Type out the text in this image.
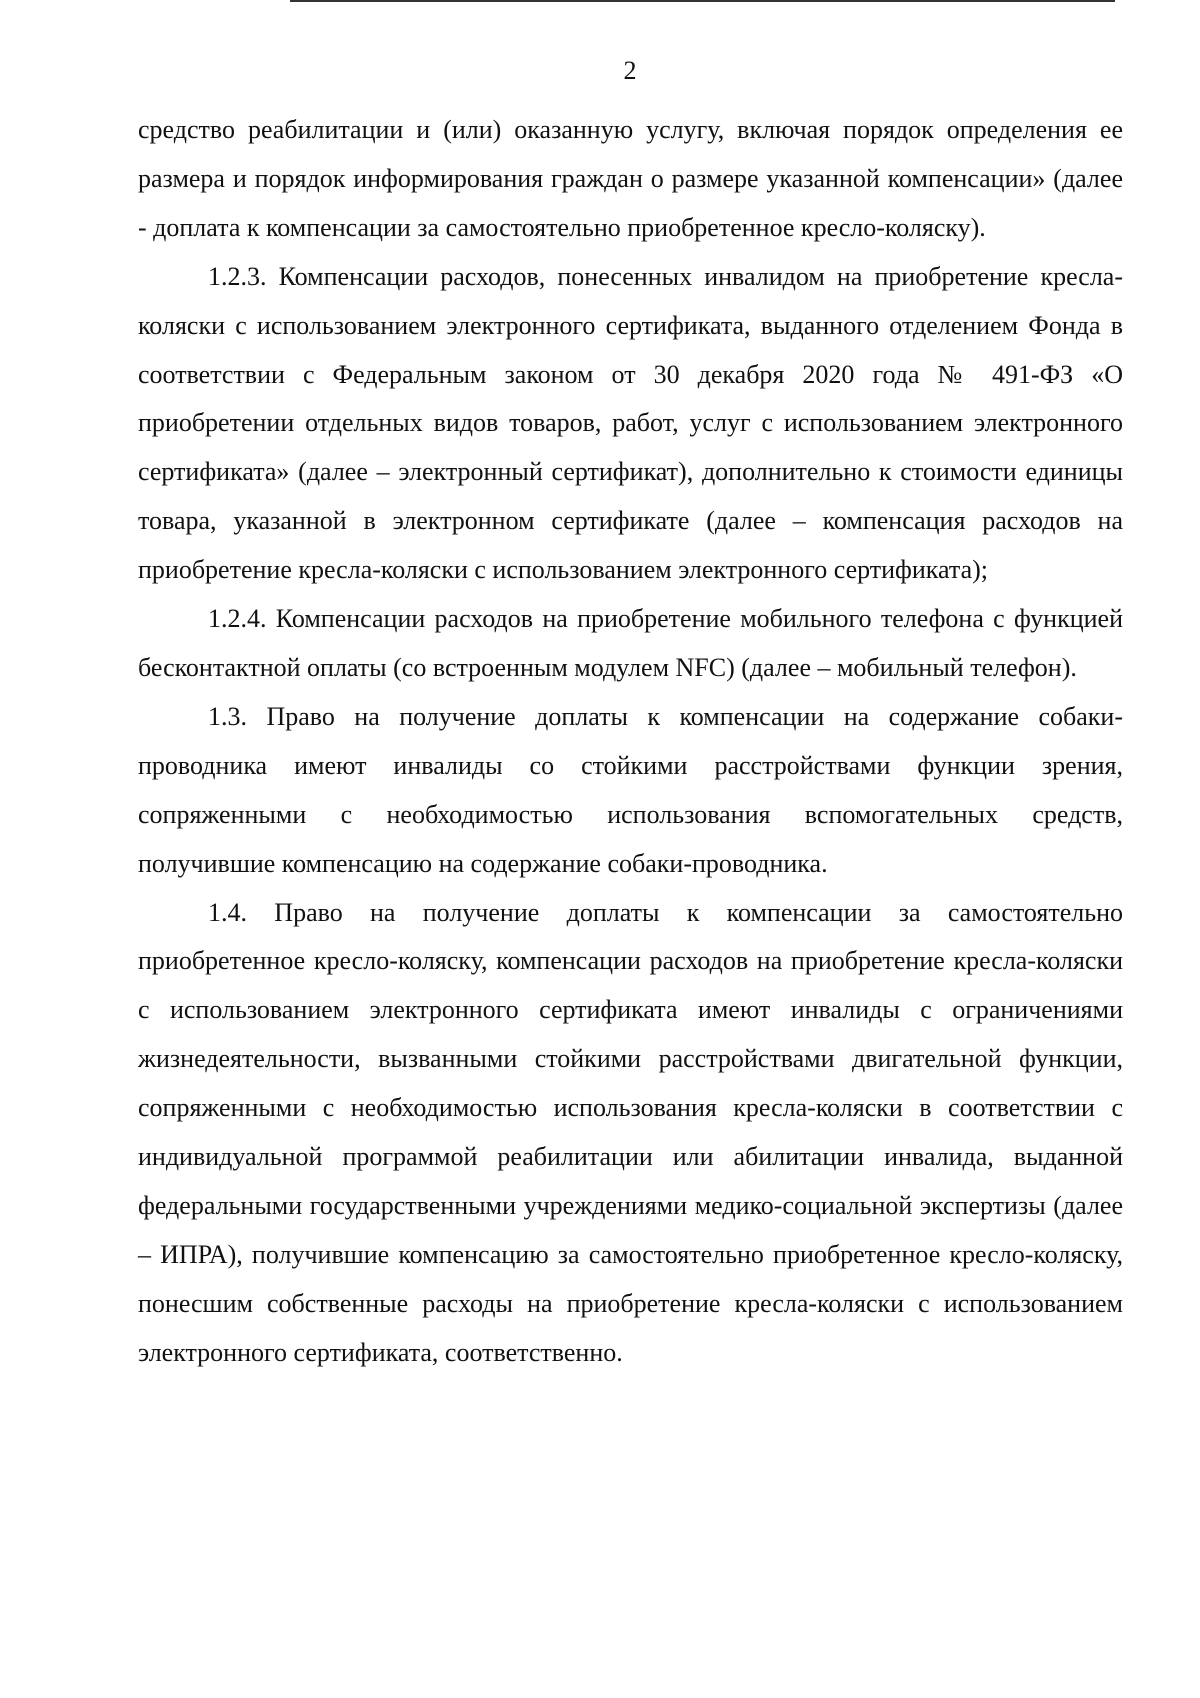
2

средство реабилитации и (или) оказанную услугу, включая порядок определения ее размера и порядок информирования граждан о размере указанной компенсации» (далее - доплата к компенсации за самостоятельно приобретенное кресло-коляску).

1.2.3. Компенсации расходов, понесенных инвалидом на приобретение кресла-коляски с использованием электронного сертификата, выданного отделением Фонда в соответствии с Федеральным законом от 30 декабря 2020 года № 491-ФЗ «О приобретении отдельных видов товаров, работ, услуг с использованием электронного сертификата» (далее – электронный сертификат), дополнительно к стоимости единицы товара, указанной в электронном сертификате (далее – компенсация расходов на приобретение кресла-коляски с использованием электронного сертификата);

1.2.4. Компенсации расходов на приобретение мобильного телефона с функцией бесконтактной оплаты (со встроенным модулем NFC) (далее – мобильный телефон).

1.3. Право на получение доплаты к компенсации на содержание собаки-проводника имеют инвалиды со стойкими расстройствами функции зрения, сопряженными с необходимостью использования вспомогательных средств, получившие компенсацию на содержание собаки-проводника.

1.4. Право на получение доплаты к компенсации за самостоятельно приобретенное кресло-коляску, компенсации расходов на приобретение кресла-коляски с использованием электронного сертификата имеют инвалиды с ограничениями жизнедеятельности, вызванными стойкими расстройствами двигательной функции, сопряженными с необходимостью использования кресла-коляски в соответствии с индивидуальной программой реабилитации или абилитации инвалида, выданной федеральными государственными учреждениями медико-социальной экспертизы (далее – ИПРА), получившие компенсацию за самостоятельно приобретенное кресло-коляску, понесшим собственные расходы на приобретение кресла-коляски с использованием электронного сертификата, соответственно.
